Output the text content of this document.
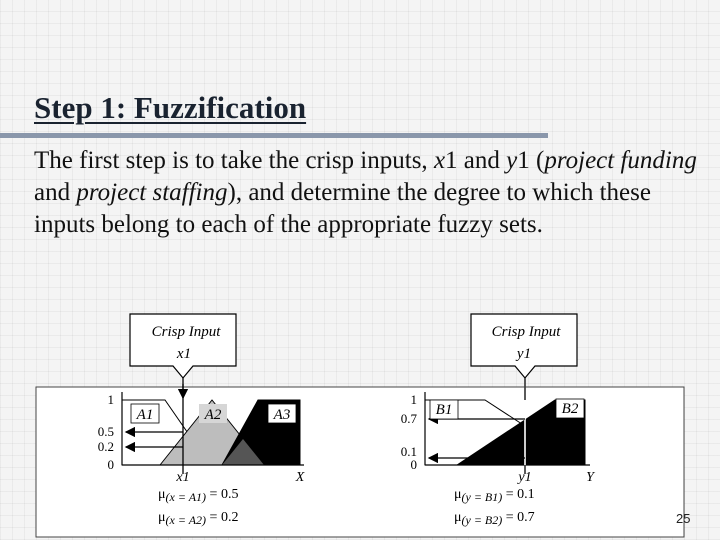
Step 1: Fuzzification

The first step is to take the crisp inputs, x1 and y1 (project funding and project staffing), and determine the degree to which these inputs belong to each of the appropriate fuzzy sets.

Crisp Input
x1
A1	A2	A3
1
0.5
0.2
0
x1	X
μ(x = A1) = 0.5
μ(x = A2) = 0.2
Crisp Input
y1
B1	B2
1
0.7
0.1
0
y1	Y
μ(y = B1) = 0.1
μ(y = B2) = 0.7	25
